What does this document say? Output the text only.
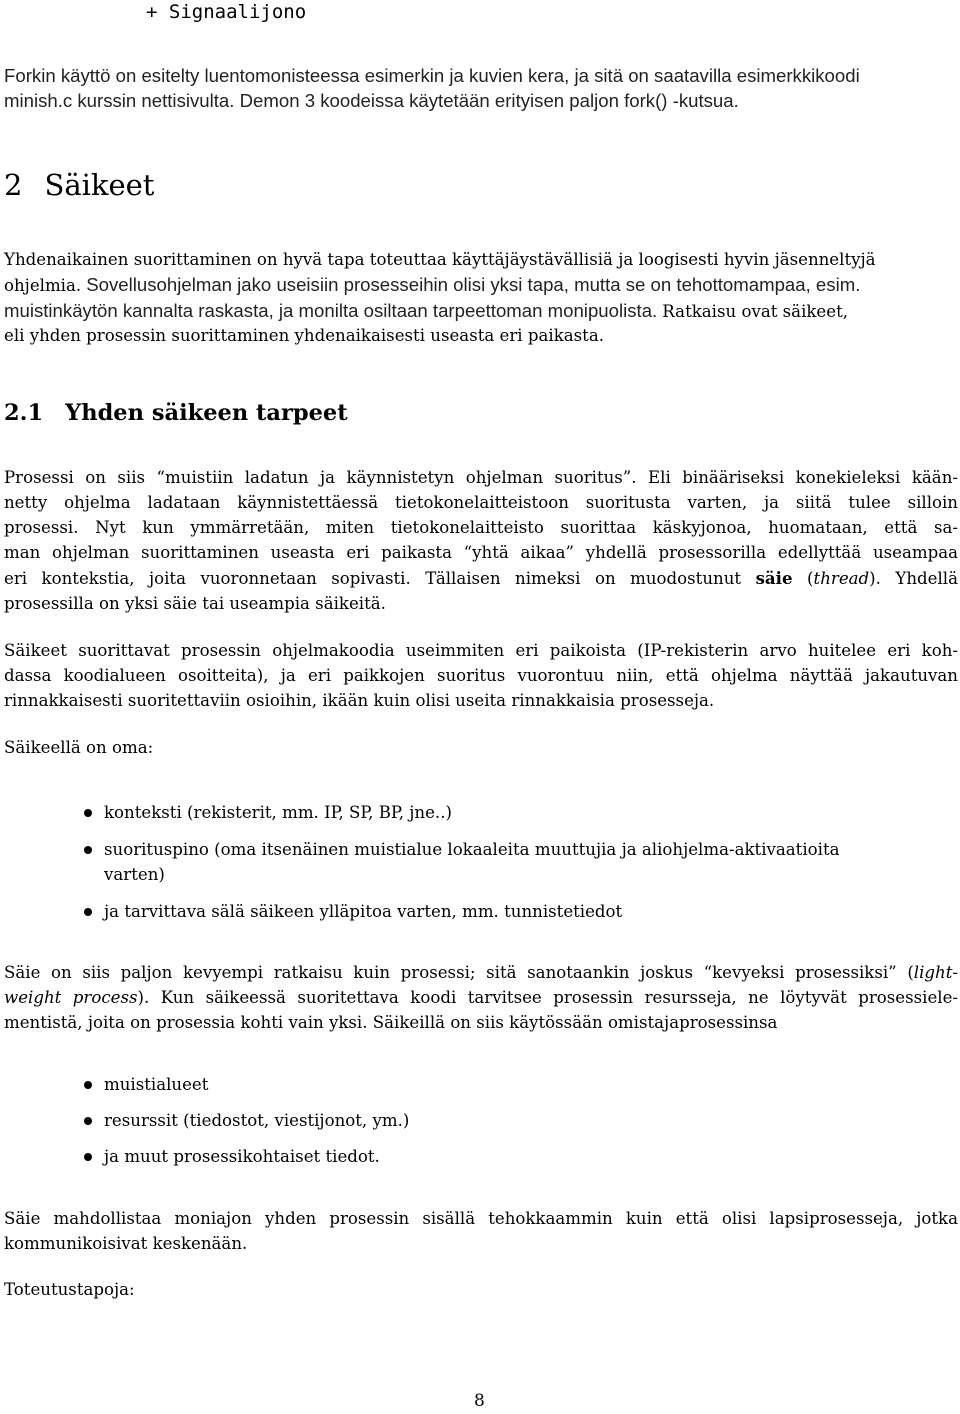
+ Signaalijono
Forkin käyttö on esitelty luentomonisteessa esimerkin ja kuvien kera, ja sitä on saatavilla esimerkkikoodi
minish.c kurssin nettisivulta. Demon 3 koodeissa käytetään erityisen paljon fork() -kutsua.
2 Säikeet
Yhdenaikainen suorittaminen on hyvä tapa toteuttaa käyttäjäystävällisiä ja loogisesti hyvin jäsenneltyjä
ohjelmia. Sovellusohjelman jako useisiin prosesseihin olisi yksi tapa, mutta se on tehottomampaa, esim.
muistinkäytön kannalta raskasta, ja monilta osiltaan tarpeettoman monipuolista. Ratkaisu ovat säikeet,
eli yhden prosessin suorittaminen yhdenaikaisesti useasta eri paikasta.
2.1 Yhden säikeen tarpeet
Prosessi on siis “muistiin ladatun ja käynnistetyn ohjelman suoritus”. Eli binääriseksi konekieleksi kään-
netty ohjelma ladataan käynnistettäessä tietokonelaitteistoon suoritusta varten, ja siitä tulee silloin
prosessi. Nyt kun ymmärretään, miten tietokonelaitteisto suorittaa käskyjonoa, huomataan, että sa-
man ohjelman suorittaminen useasta eri paikasta “yhtä aikaa” yhdellä prosessorilla edellyttää useampaa
eri kontekstia, joita vuoronnetaan sopivasti. Tällaisen nimeksi on muodostunut säie (thread). Yhdellä
prosessilla on yksi säie tai useampia säikeitä.
Säikeet suorittavat prosessin ohjelmakoodia useimmiten eri paikoista (IP-rekisterin arvo huitelee eri koh-
dassa koodialueen osoitteita), ja eri paikkojen suoritus vuorontuu niin, että ohjelma näyttää jakautuvan
rinnakkaisesti suoritettaviin osioihin, ikään kuin olisi useita rinnakkaisia prosesseja.
Säikeellä on oma:
konteksti (rekisterit, mm. IP, SP, BP, jne..)
suorituspino (oma itsenäinen muistialue lokaaleita muuttujia ja aliohjelma-aktivaatioita
varten)
ja tarvittava sälä säikeen ylläpitoa varten, mm. tunnistetiedot
Säie on siis paljon kevyempi ratkaisu kuin prosessi; sitä sanotaankin joskus “kevyeksi prosessiksi” (light-
weight process). Kun säikeessä suoritettava koodi tarvitsee prosessin resursseja, ne löytyvät prosessiele-
mentistä, joita on prosessia kohti vain yksi. Säikeillä on siis käytössään omistajaprosessinsa
muistialueet
resurssit (tiedostot, viestijonot, ym.)
ja muut prosessikohtaiset tiedot.
Säie mahdollistaa moniajon yhden prosessin sisällä tehokkaammin kuin että olisi lapsiprosesseja, jotka
kommunikoisivat keskenään.
Toteutustapoja:
8
